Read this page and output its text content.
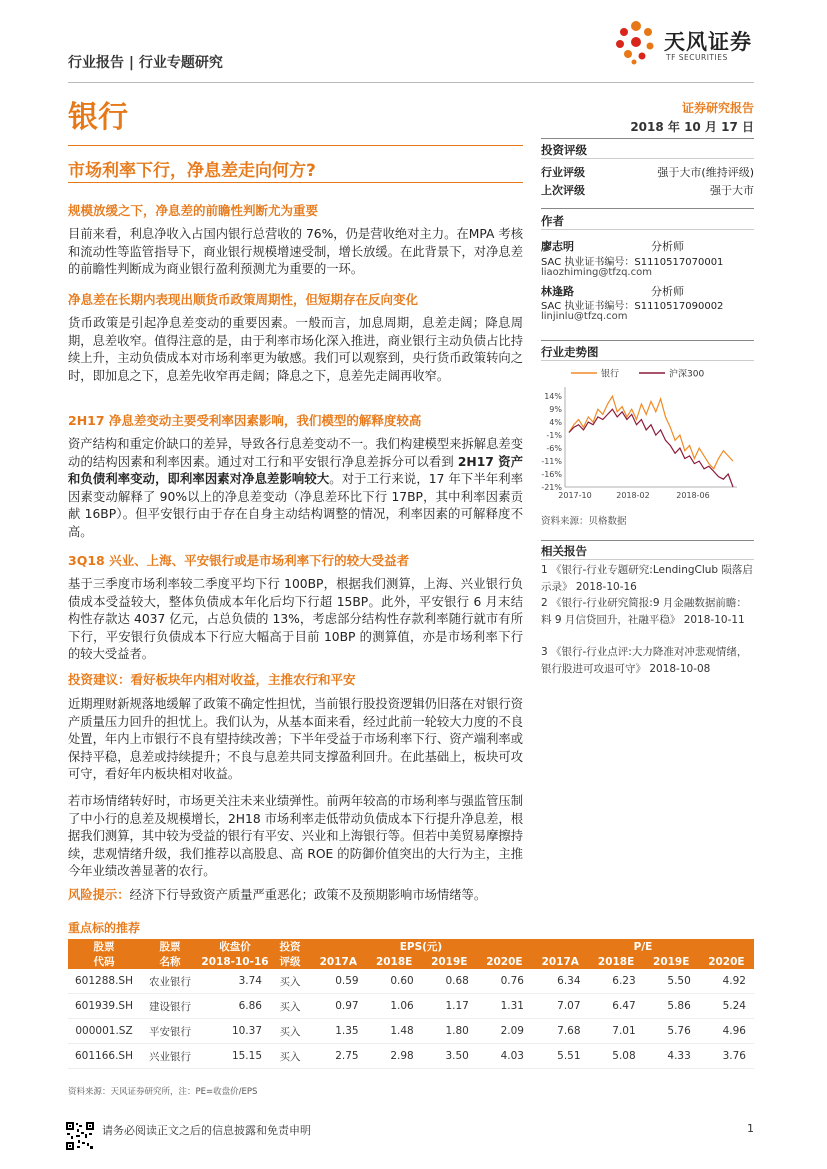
行业报告 | 行业专题研究
天风证券
TF SECURITIES
银行	证券研究报告
2018 年 10 月 17 日
市场利率下行，净息差走向何方?
规模放缓之下，净息差的前瞻性判断尤为重要
目前来看，利息净收入占国内银行总营收的 76%，仍是营收绝对主力。在MPA 考核和流动性等监管指导下，商业银行规模增速受制，增长放缓。在此背景下，对净息差的前瞻性判断成为商业银行盈利预测尤为重要的一环。
净息差在长期内表现出顺货币政策周期性，但短期存在反向变化
货币政策是引起净息差变动的重要因素。一般而言，加息周期，息差走阔；降息周期，息差收窄。值得注意的是，由于利率市场化深入推进，商业银行主动负债占比持续上升，主动负债成本对市场利率更为敏感。我们可以观察到，央行货币政策转向之时，即加息之下，息差先收窄再走阔；降息之下，息差先走阔再收窄。
2H17 净息差变动主要受利率因素影响，我们模型的解释度较高
资产结构和重定价缺口的差异，导致各行息差变动不一。我们构建模型来拆解息差变动的结构因素和利率因素。通过对工行和平安银行净息差拆分可以看到 2H17 资产和负债利率变动，即利率因素对净息差影响较大。对于工行来说，17 年下半年利率因素变动解释了 90%以上的净息差变动（净息差环比下行 17BP，其中利率因素贡献 16BP）。但平安银行由于存在自身主动结构调整的情况，利率因素的可解释度不高。
3Q18 兴业、上海、平安银行或是市场利率下行的较大受益者
基于三季度市场利率较二季度平均下行 100BP，根据我们测算，上海、兴业银行负债成本受益较大，整体负债成本年化后均下行超 15BP。此外，平安银行 6 月末结构性存款达 4037 亿元，占总负债的 13%，考虑部分结构性存款利率随行就市有所下行，平安银行负债成本下行应大幅高于目前 10BP 的测算值，亦是市场利率下行的较大受益者。
投资建议：看好板块年内相对收益，主推农行和平安
近期理财新规落地缓解了政策不确定性担忧，当前银行股投资逻辑仍旧落在对银行资产质量压力回升的担忧上。我们认为，从基本面来看，经过此前一轮较大力度的不良处置，年内上市银行不良有望持续改善；下半年受益于市场利率下行、资产端利率或保持平稳，息差或持续提升；不良与息差共同支撑盈利回升。在此基础上，板块可攻可守，看好年内板块相对收益。
若市场情绪转好时，市场更关注未来业绩弹性。前两年较高的市场利率与强监管压制了中小行的息差及规模增长，2H18 市场利率走低带动负债成本下行提升净息差，根据我们测算，其中较为受益的银行有平安、兴业和上海银行等。但若中美贸易摩擦持续，悲观情绪升级，我们推荐以高股息、高 ROE 的防御价值突出的大行为主，主推今年业绩改善显著的农行。
风险提示：经济下行导致资产质量严重恶化；政策不及预期影响市场情绪等。
投资评级
行业评级	强于大市(维持评级)
上次评级	强于大市
作者
廖志明	分析师
SAC 执业证书编号：S1110517070001
liaozhiming@tfzq.com
林逢路	分析师
SAC 执业证书编号：S1110517090002
linjinlu@tfzq.com
行业走势图
银行	沪深300
14%
9%
4%
-1%
-6%
-11%
-16%
-21%
2017-10	2018-02	2018-06
资料来源：贝格数据
相关报告
1 《银行-行业专题研究:LendingClub 陨落启示录》 2018-10-16
2 《银行-行业研究简报:9 月金融数据前瞻：料 9 月信贷回升，社融平稳》 2018-10-11
3 《银行-行业点评:大力降准对冲悲观情绪，银行股进可攻退可守》 2018-10-08
重点标的推荐
股票	股票	收盘价	投资	EPS(元)				P/E			
代码	名称	2018-10-16	评级	2017A	2018E	2019E	2020E	2017A	2018E	2019E	2020E
601288.SH	农业银行	3.74	买入	0.59	0.60	0.68	0.76	6.34	6.23	5.50	4.92
601939.SH	建设银行	6.86	买入	0.97	1.06	1.17	1.31	7.07	6.47	5.86	5.24
000001.SZ	平安银行	10.37	买入	1.35	1.48	1.80	2.09	7.68	7.01	5.76	4.96
601166.SH	兴业银行	15.15	买入	2.75	2.98	3.50	4.03	5.51	5.08	4.33	3.76
资料来源：天风证券研究所，注：PE=收盘价/EPS
请务必阅读正文之后的信息披露和免责申明	1
